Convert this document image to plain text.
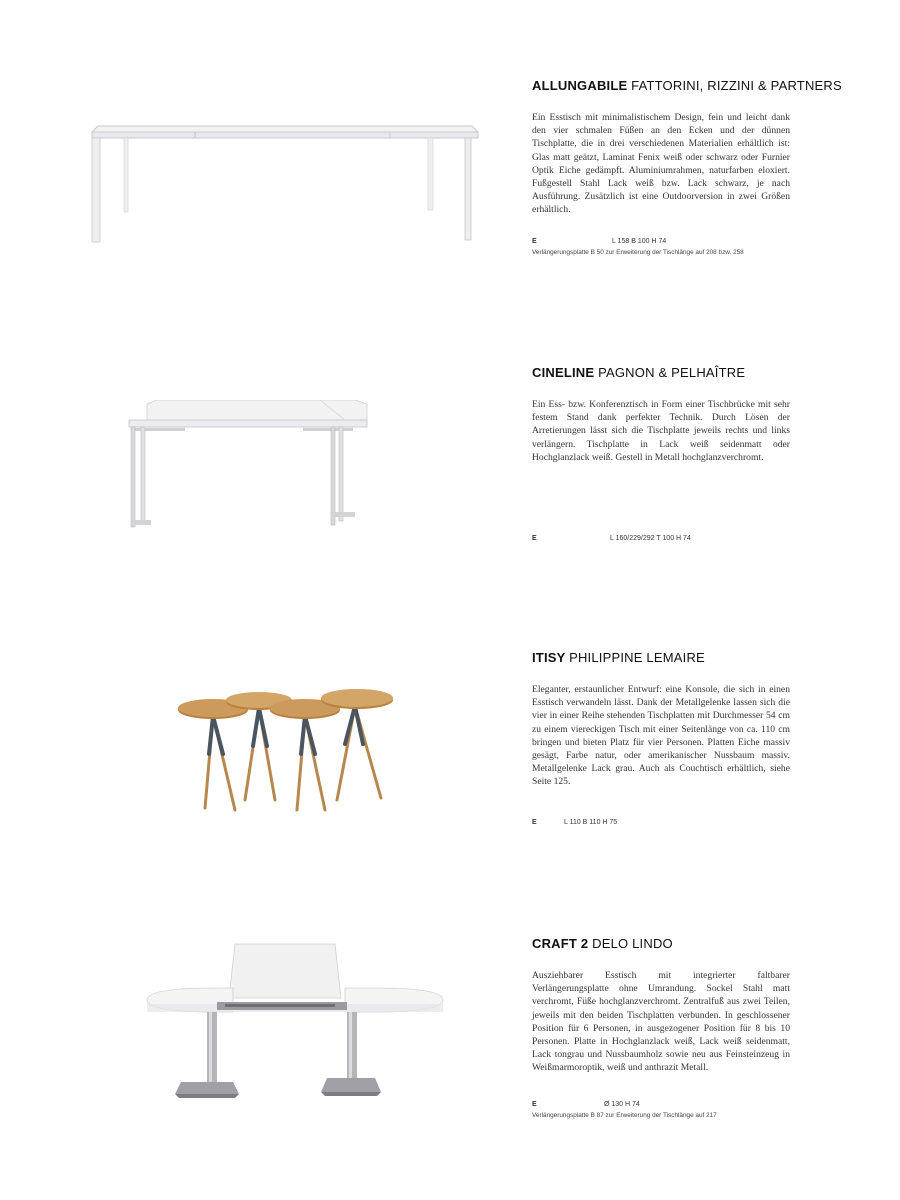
ALLUNGABILE FATTORINI, RIZZINI & PARTNERS

Ein Esstisch mit minimalistischem Design, fein und leicht dank den vier schmalen Füßen an den Ecken und der dünnen Tischplatte, die in drei verschiedenen Materialien erhältlich ist: Glas matt geätzt, Laminat Fenix weiß oder schwarz oder Furnier Optik Eiche gedämpft. Aluminiumrahmen, naturfarben eloxiert. Fußgestell Stahl Lack weiß bzw. Lack schwarz, je nach Ausführung. Zusätzlich ist eine Outdoorversion in zwei Größen erhältlich.

E	L 158 B 100 H 74
Verlängerungsplatte B 50 zur Erweiterung der Tischlänge auf 208 bzw. 258
CINELINE PAGNON & PELHAÎTRE

Ein Ess- bzw. Konferenztisch in Form einer Tischbrücke mit sehr festem Stand dank perfekter Technik. Durch Lösen der Arretierungen lässt sich die Tischplatte jeweils rechts und links verlängern. Tischplatte in Lack weiß seidenmatt oder Hochglanzlack weiß. Gestell in Metall hochglanzverchromt.

E	L 160/229/292 T 100 H 74
ITISY PHILIPPINE LEMAIRE

Eleganter, erstaunlicher Entwurf: eine Konsole, die sich in einen Esstisch verwandeln lässt. Dank der Metallgelenke lassen sich die vier in einer Reihe stehenden Tischplatten mit Durchmesser 54 cm zu einem viereckigen Tisch mit einer Seitenlänge von ca. 110 cm bringen und bieten Platz für vier Personen. Platten Eiche massiv gesägt, Farbe natur, oder amerikanischer Nussbaum massiv. Metallgelenke Lack grau. Auch als Couchtisch erhältlich, siehe Seite 125.

E	L 110 B 110 H 75
CRAFT 2 DELO LINDO

Ausziehbarer Esstisch mit integrierter faltbarer Verlängerungsplatte ohne Umrandung. Sockel Stahl matt verchromt, Füße hochglanzverchromt. Zentralfuß aus zwei Teilen, jeweils mit den beiden Tischplatten verbunden. In geschlossener Position für 6 Personen, in ausgezogener Position für 8 bis 10 Personen. Platte in Hochglanzlack weiß, Lack weiß seidenmatt, Lack tongrau und Nussbaumholz sowie neu aus Feinsteinzeug in Weißmarmoroptik, weiß und anthrazit Metall.

E	Ø 130 H 74
Verlängerungsplatte B 87 zur Erweiterung der Tischlänge auf 217
